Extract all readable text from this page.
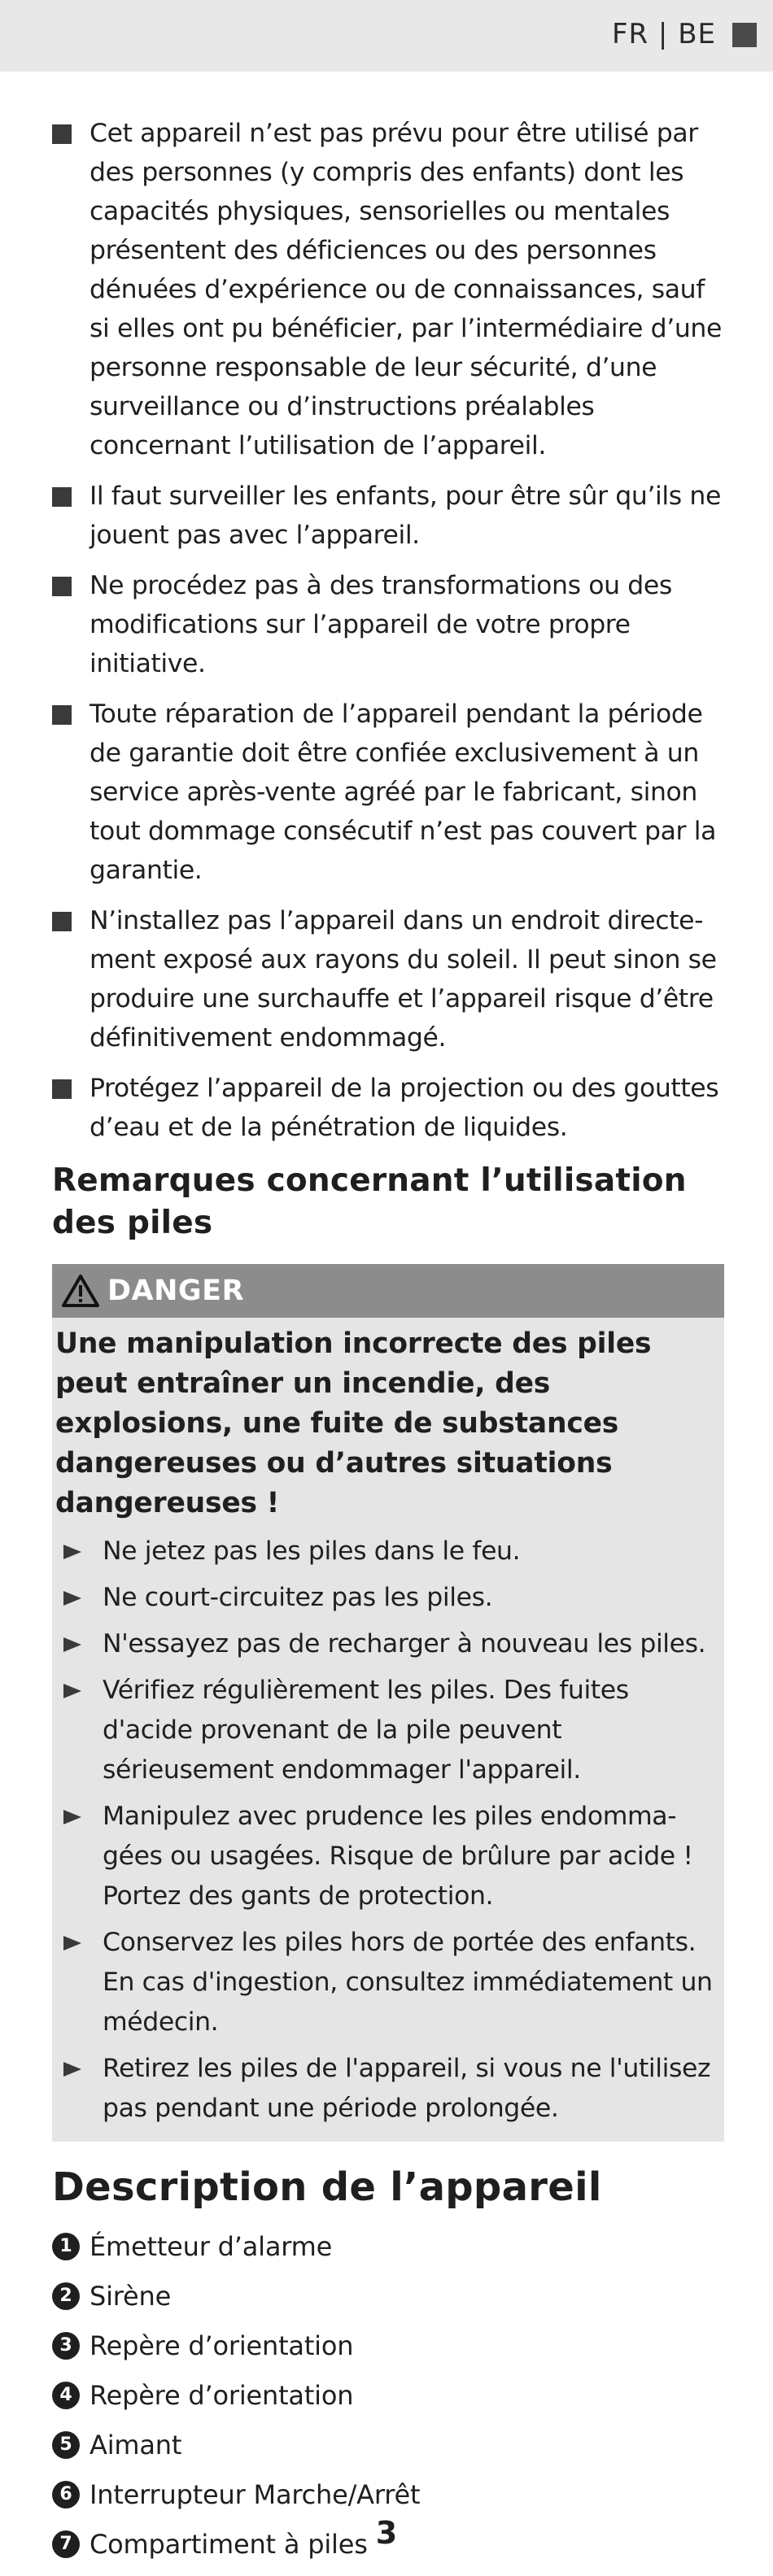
FR | BE
Cet appareil n’est pas prévu pour être utilisé par des personnes (y compris des enfants) dont les capacités physiques, sensorielles ou mentales présentent des déficiences ou des personnes dénuées d’expérience ou de connaissances, sauf si elles ont pu bénéficier, par l’intermédiaire d’une personne responsable de leur sécurité, d’une surveillance ou d’instructions préalables concernant l’utilisation de l’appareil.
Il faut surveiller les enfants, pour être sûr qu’ils ne jouent pas avec l’appareil.
Ne procédez pas à des transformations ou des modifications sur l’appareil de votre propre initiative.
Toute réparation de l’appareil pendant la période de garantie doit être confiée exclusivement à un service après-vente agréé par le fabricant, sinon tout dommage consécutif n’est pas couvert par la garantie.
N’installez pas l’appareil dans un endroit directe- ment exposé aux rayons du soleil. Il peut sinon se produire une surchauffe et l’appareil risque d’être définitivement endommagé.
Protégez l’appareil de la projection ou des gouttes d’eau et de la pénétration de liquides.
Remarques concernant l’utilisation des piles
DANGER

Une manipulation incorrecte des piles peut entraîner un incendie, des explosions, une fuite de substances dangereuses ou d’autres situations dangereuses !

Ne jetez pas les piles dans le feu.
Ne court-circuitez pas les piles.
N'essayez pas de recharger à nouveau les piles.
Vérifiez régulièrement les piles. Des fuites d'acide provenant de la pile peuvent sérieusement endommager l'appareil.
Manipulez avec prudence les piles endomma- gées ou usagées. Risque de brûlure par acide ! Portez des gants de protection.
Conservez les piles hors de portée des enfants. En cas d'ingestion, consultez immédiatement un médecin.
Retirez les piles de l'appareil, si vous ne l'utilisez pas pendant une période prolongée.
Description de l’appareil
1 Émetteur d’alarme
2 Sirène
3 Repère d’orientation
4 Repère d’orientation
5 Aimant
6 Interrupteur Marche/Arrêt
7 Compartiment à piles 3
